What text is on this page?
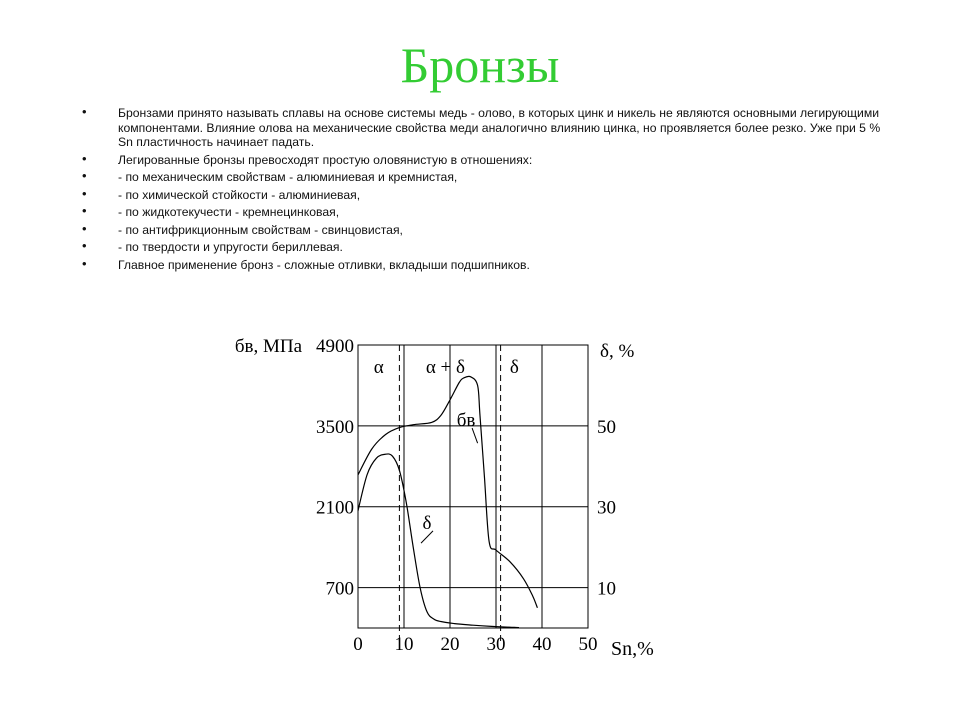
Бронзы
• Бронзами принято называть сплавы на основе системы медь - олово, в которых цинк и никель не являются основными легирующими компонентами. Влияние олова на механические свойства меди аналогично влиянию цинка, но проявляется более резко. Уже при 5 % Sn пластичность начинает падать.
• Легированные бронзы превосходят простую оловянистую в отношениях:
• - по механическим свойствам - алюминиевая и кремнистая,
• - по химической стойкости - алюминиевая,
• - по жидкотекучести - кремнецинковая,
• - по антифрикционным свойствам - свинцовистая,
• - по твердости и упругости бериллевая.
• Главное применение бронз - сложные отливки, вкладыши подшипников.
0 10 20 30 40 50
4900
3500
2100
700
50
30
10
бв, МПа	δ, %
Sn,%
α α + δ δ
бв
δ
